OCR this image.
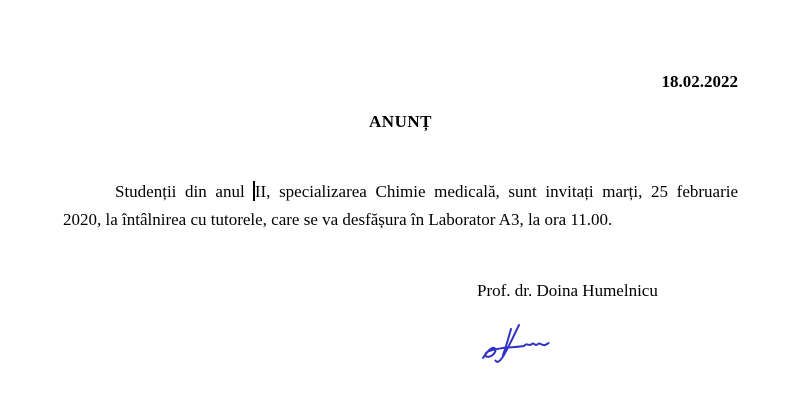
18.02.2022
ANUNȚ

Studenții din anul II, specializarea Chimie medicală, sunt invitați marți, 25 februarie

2020, la întâlnirea cu tutorele, care se va desfășura în Laborator A3, la ora 11.00.

Prof. dr. Doina Humelnicu
